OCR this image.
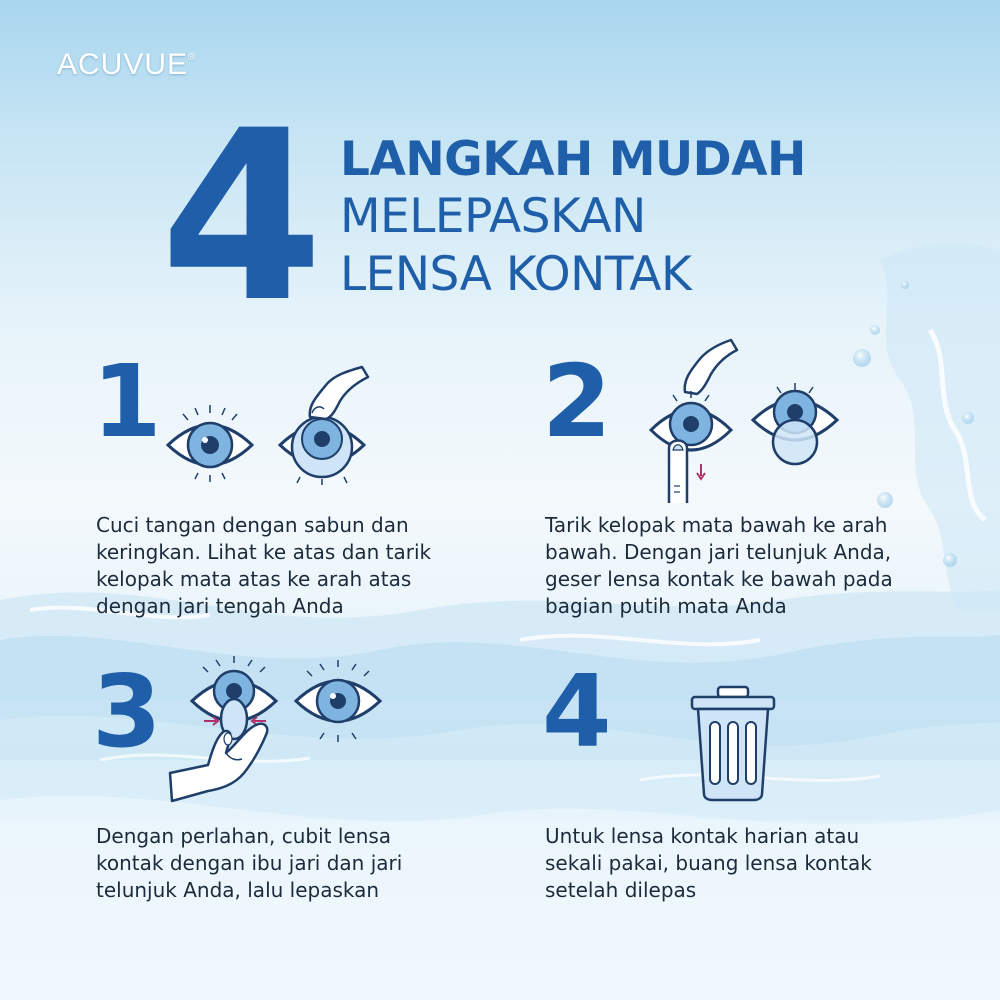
ACUVUE®
4 LANGKAH MUDAH
MELEPASKAN
LENSA KONTAK
1
Cuci tangan dengan sabun dan keringkan. Lihat ke atas dan tarik kelopak mata atas ke arah atas dengan jari tengah Anda
2
Tarik kelopak mata bawah ke arah bawah. Dengan jari telunjuk Anda, geser lensa kontak ke bawah pada bagian putih mata Anda
3
Dengan perlahan, cubit lensa kontak dengan ibu jari dan jari telunjuk Anda, lalu lepaskan
4
Untuk lensa kontak harian atau sekali pakai, buang lensa kontak setelah dilepas
